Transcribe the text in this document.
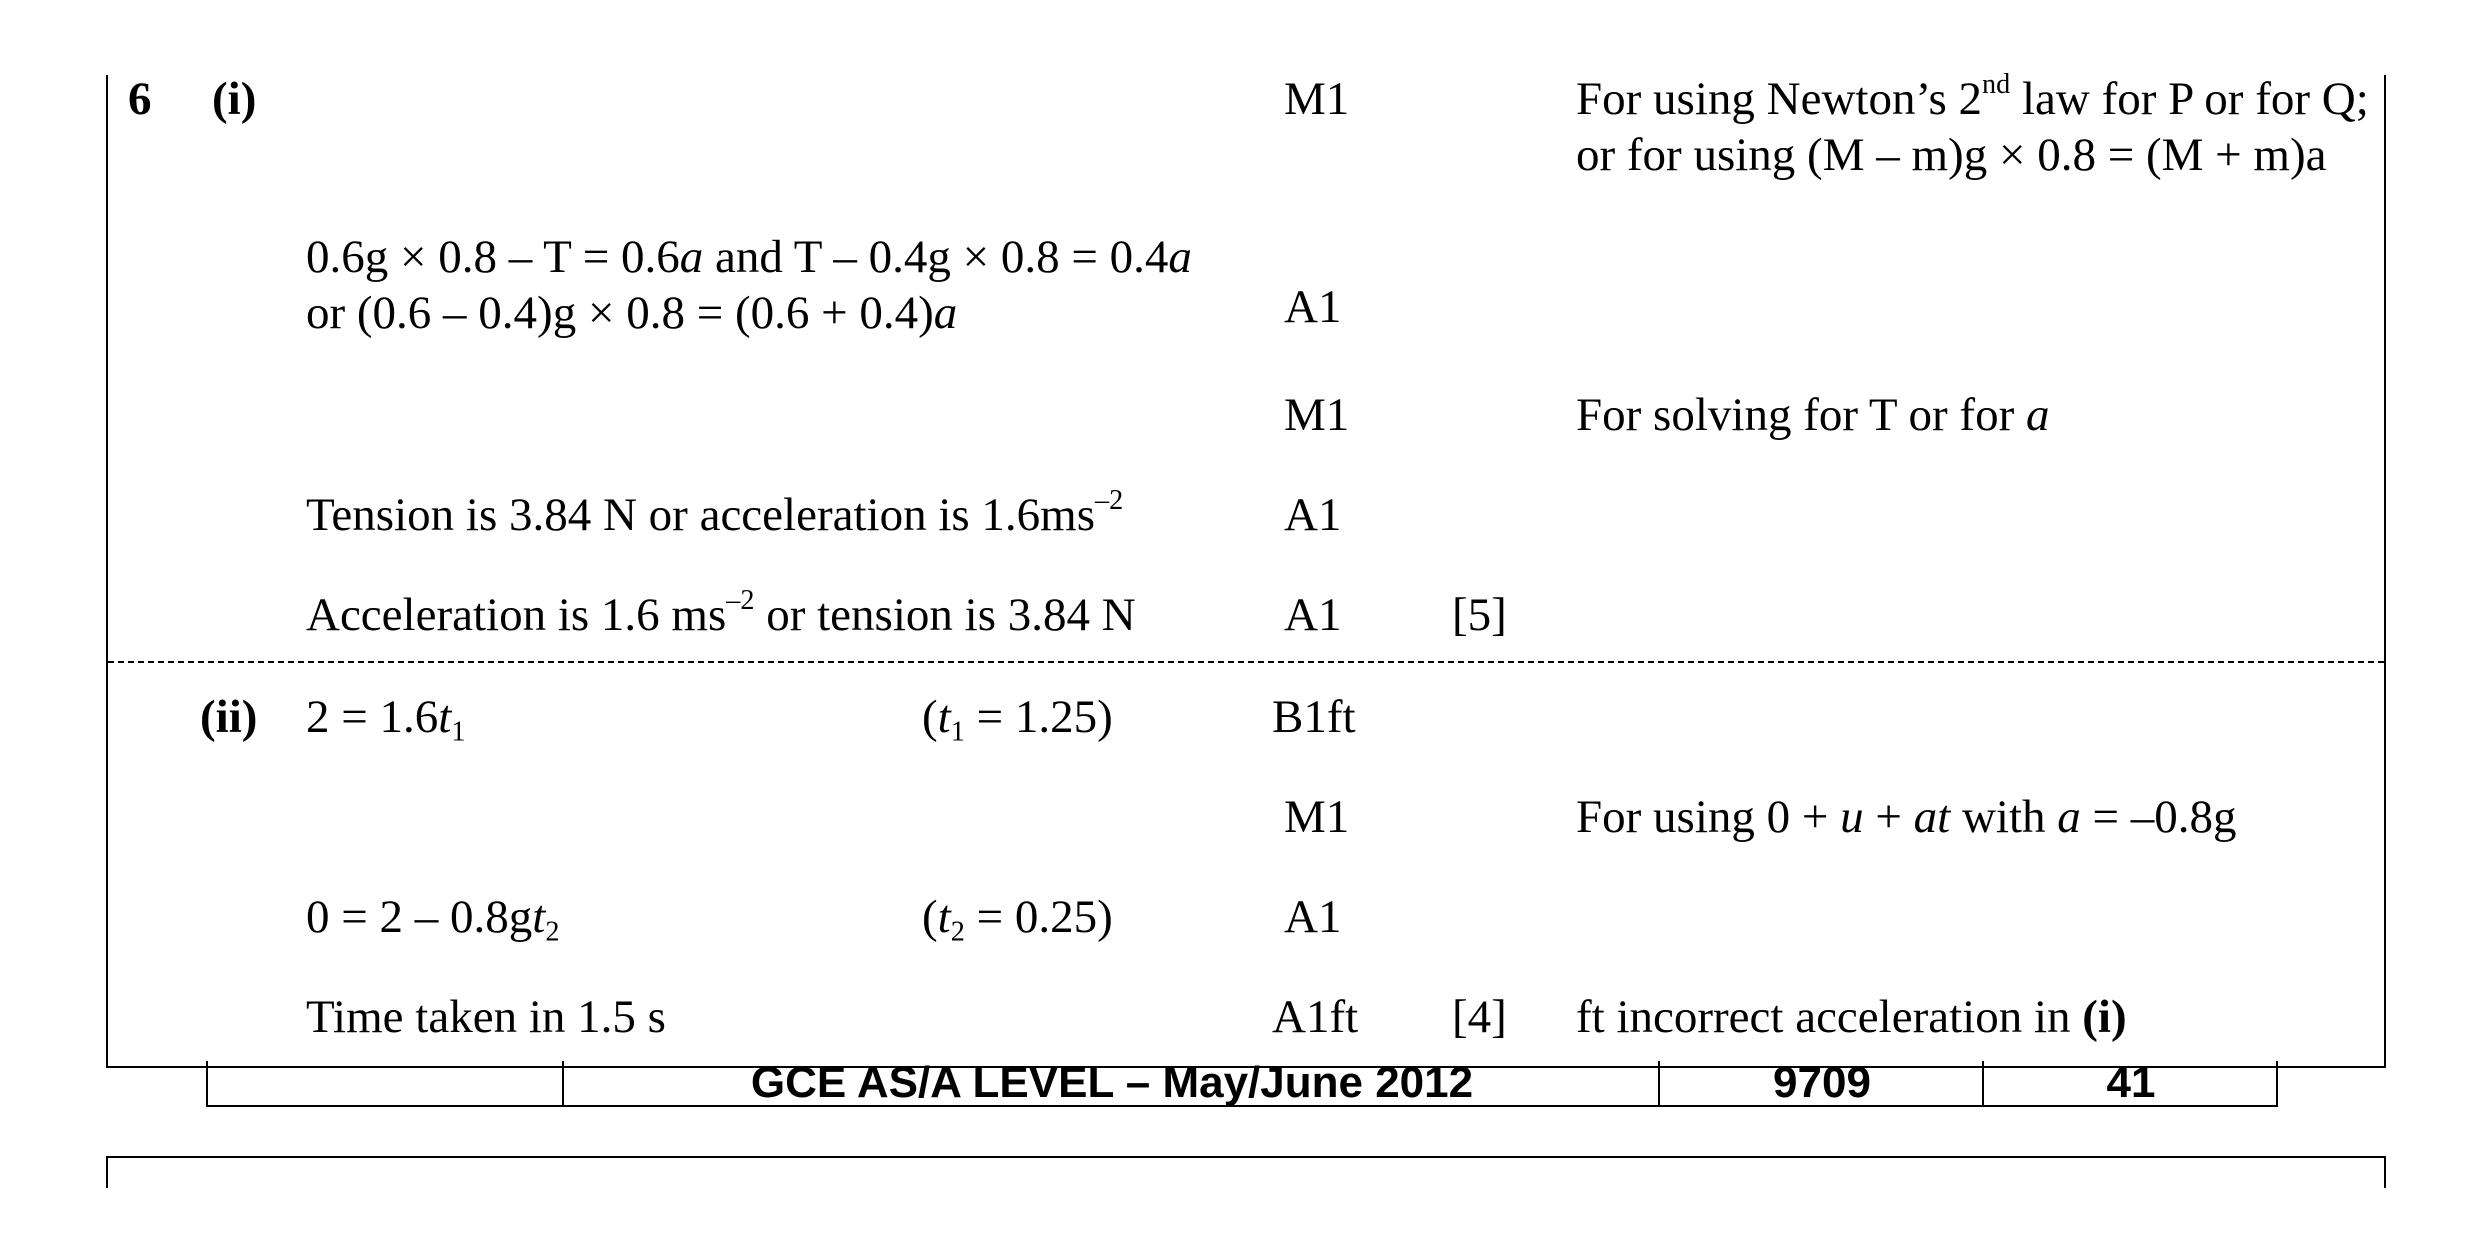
6 (i)	M1	For using Newton’s 2nd law for P or for Q;
or for using (M – m)g × 0.8 = (M + m)a
0.6g × 0.8 – T = 0.6a and T – 0.4g × 0.8 = 0.4a
or (0.6 – 0.4)g × 0.8 = (0.6 + 0.4)a	A1
M1	For solving for T or for a
Tension is 3.84 N or acceleration is $1.6ms^{-2}$	A1
Acceleration is 1.6 $ms^{-2}$ or tension is 3.84 N	A1 [5]
(ii) $2 = 1.6t_1$	$(t_1 = 1.25)$	B1ft
M1	For using 0 + u + at with a = –0.8g
$0 = 2 - 0.8gt_2$	$(t_2 = 0.25)$	A1
Time taken in 1.5 s	A1ft [4] ft incorrect acceleration in (i)
GCE AS/A LEVEL – May/June 2012	9709	41
